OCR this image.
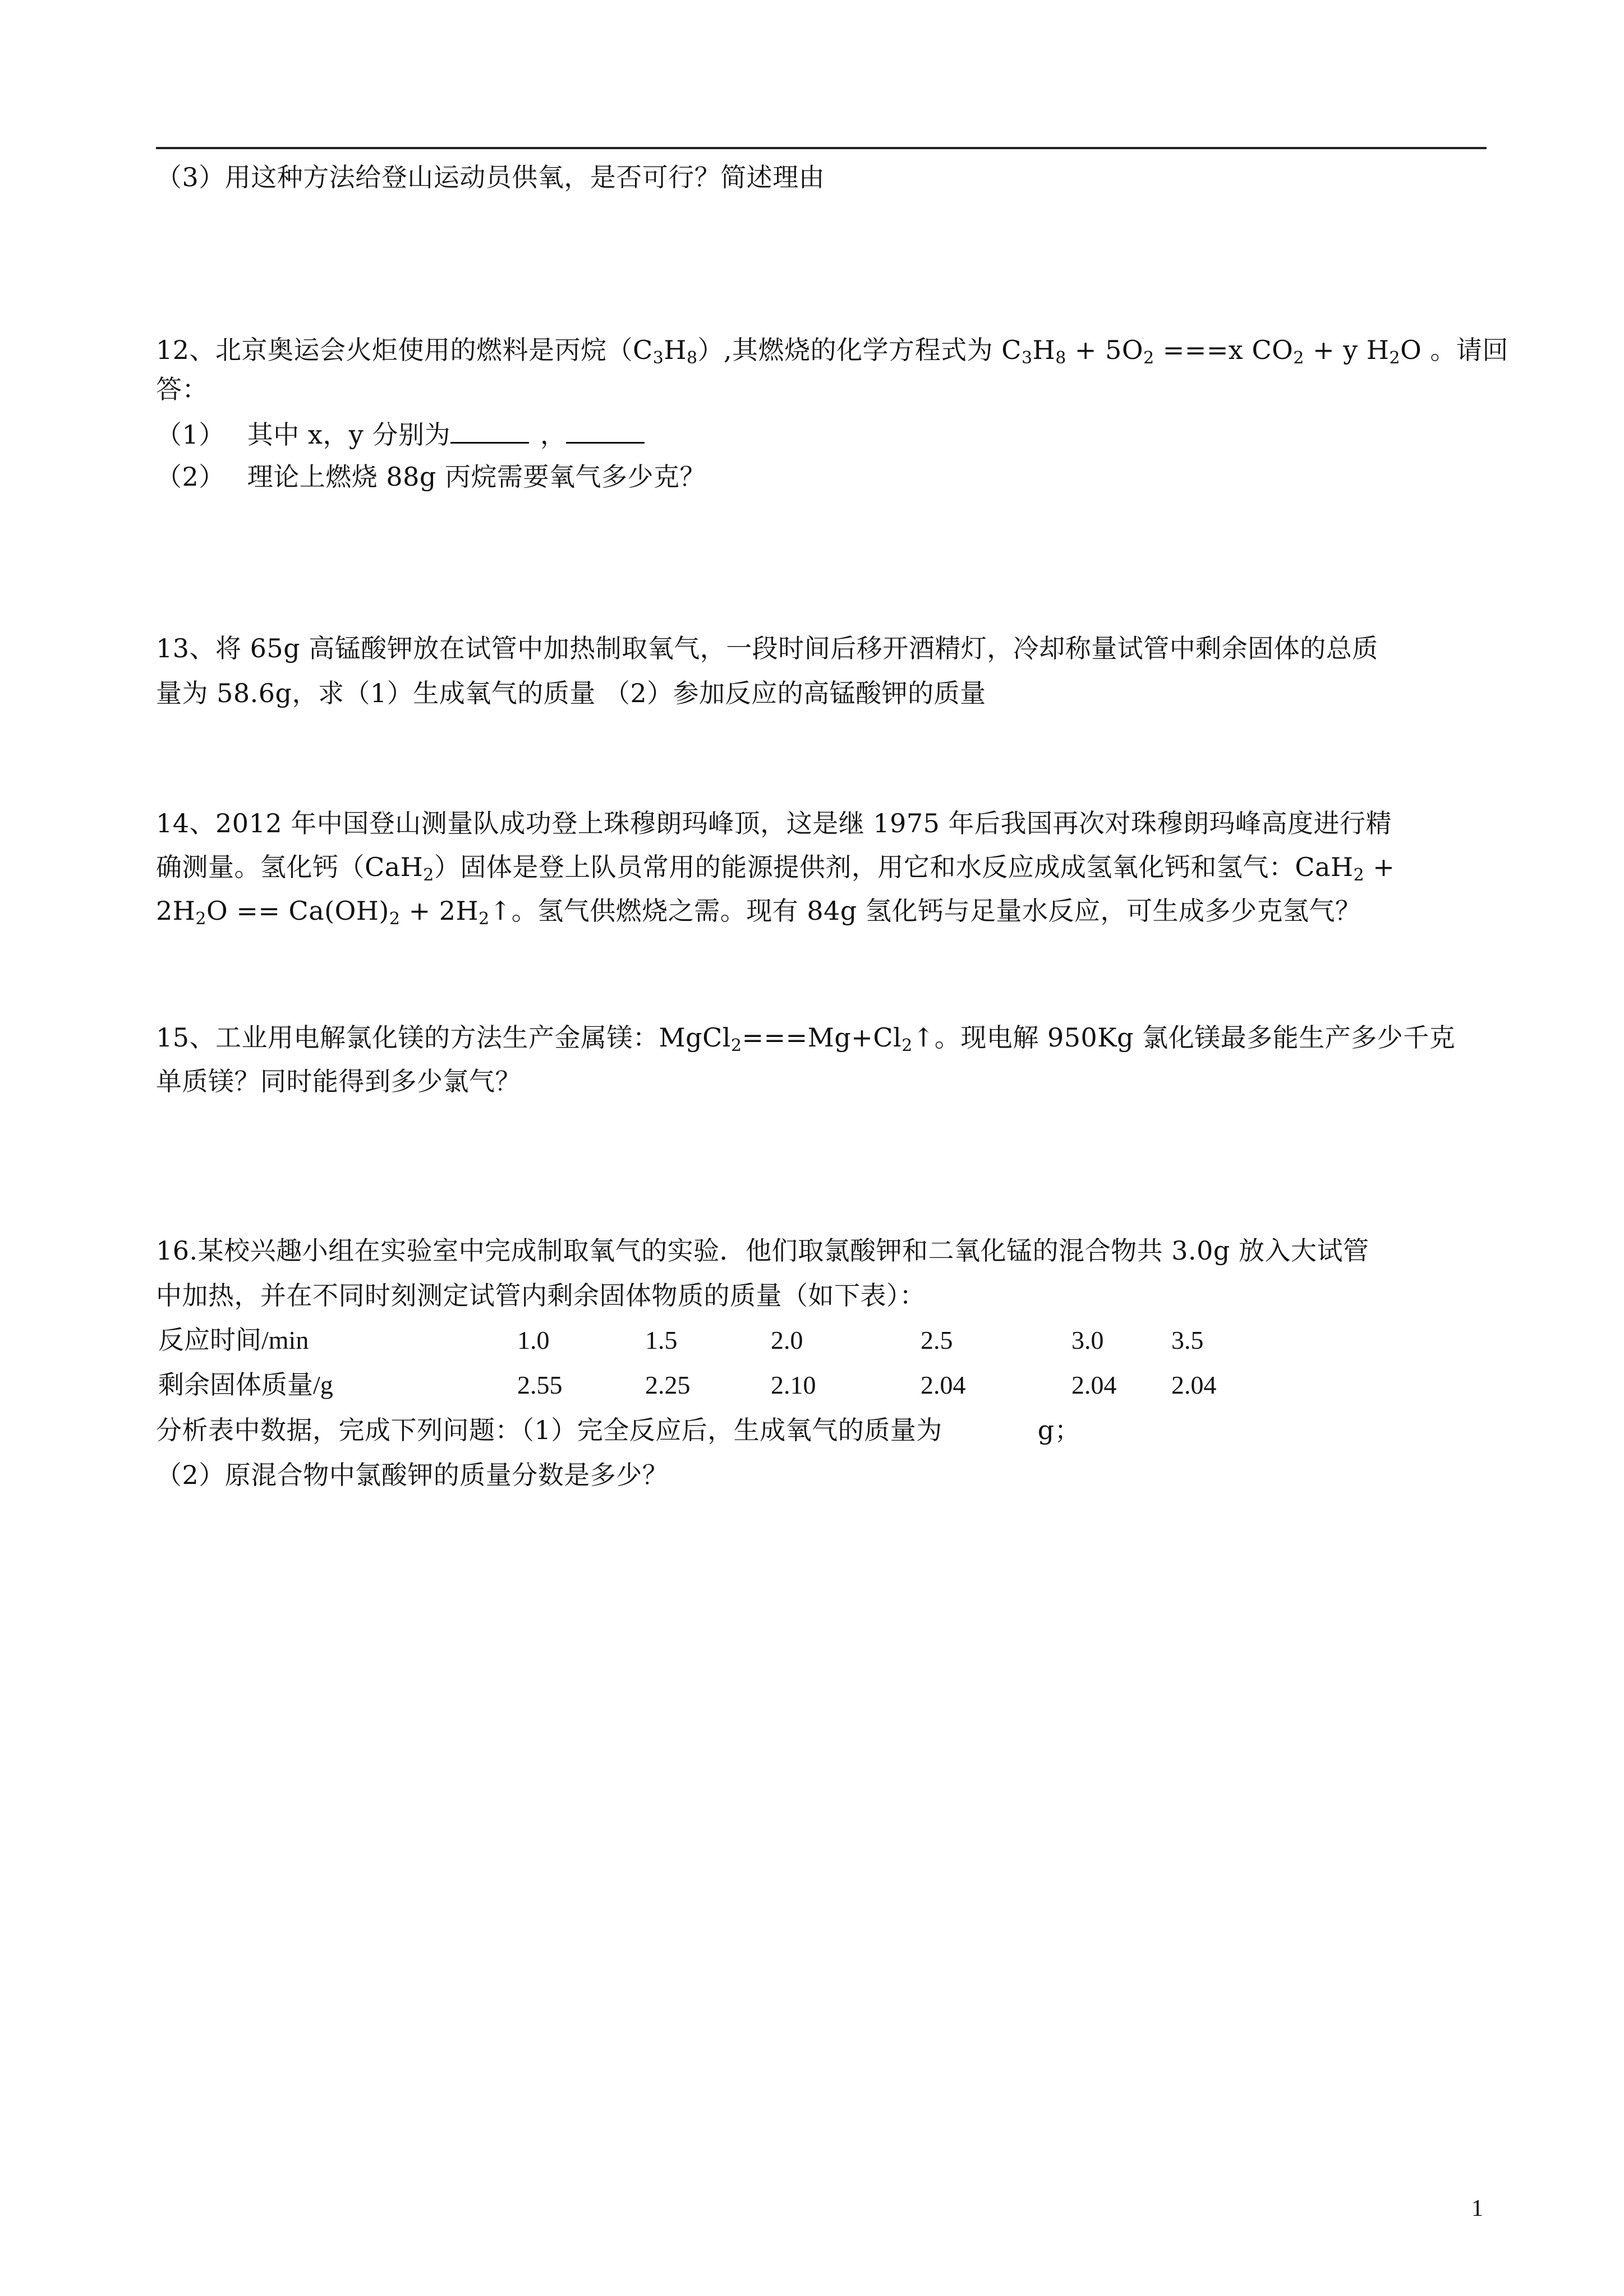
（3）用这种方法给登山运动员供氧，是否可行？简述理由
12、北京奥运会火炬使用的燃料是丙烷$(C_3H_8)$,其燃烧的化学方程式为 $C_3H_8 + 5O_2 ===x$ $CO_2 + y$ $H_2O$ 。请回
答：
（1） 其中 x，y 分别为	，
（2） 理论上燃烧 88g 丙烷需要氧气多少克？
13、将 65g 高锰酸钾放在试管中加热制取氧气，一段时间后移开酒精灯，冷却称量试管中剩余固体的总质
量为 58.6g，求（1）生成氧气的质量 （2）参加反应的高锰酸钾的质量
14、2012 年中国登山测量队成功登上珠穆朗玛峰顶，这是继 1975 年后我国再次对珠穆朗玛峰高度进行精
确测量。氢化钙（CaH$_2$）固体是登上队员常用的能源提供剂，用它和水反应成成氢氧化钙和氢气：CaH$_2$ +
$2H_2O == Ca(OH)_2$ + $2H_2↑$。氢气供燃烧之需。现有 84g 氢化钙与足量水反应，可生成多少克氢气？
15、工业用电解氯化镁的方法生产金属镁：$MgCl_2===Mg+Cl_2↑$。现电解 950Kg 氯化镁最多能生产多少千克
单质镁？同时能得到多少氯气？
16.某校兴趣小组在实验室中完成制取氧气的实验．他们取氯酸钾和二氧化锰的混合物共 3.0g 放入大试管
中加热，并在不同时刻测定试管内剩余固体物质的质量（如下表）：
反应时间/min	1.0	1.5	2.0	2.5	3.0	3.5
剩余固体质量/g	2.55	2.25	2.10	2.04	2.04 2.04
分析表中数据，完成下列问题：（1）完全反应后，生成氧气的质量为	g；
（2）原混合物中氯酸钾的质量分数是多少？
1
